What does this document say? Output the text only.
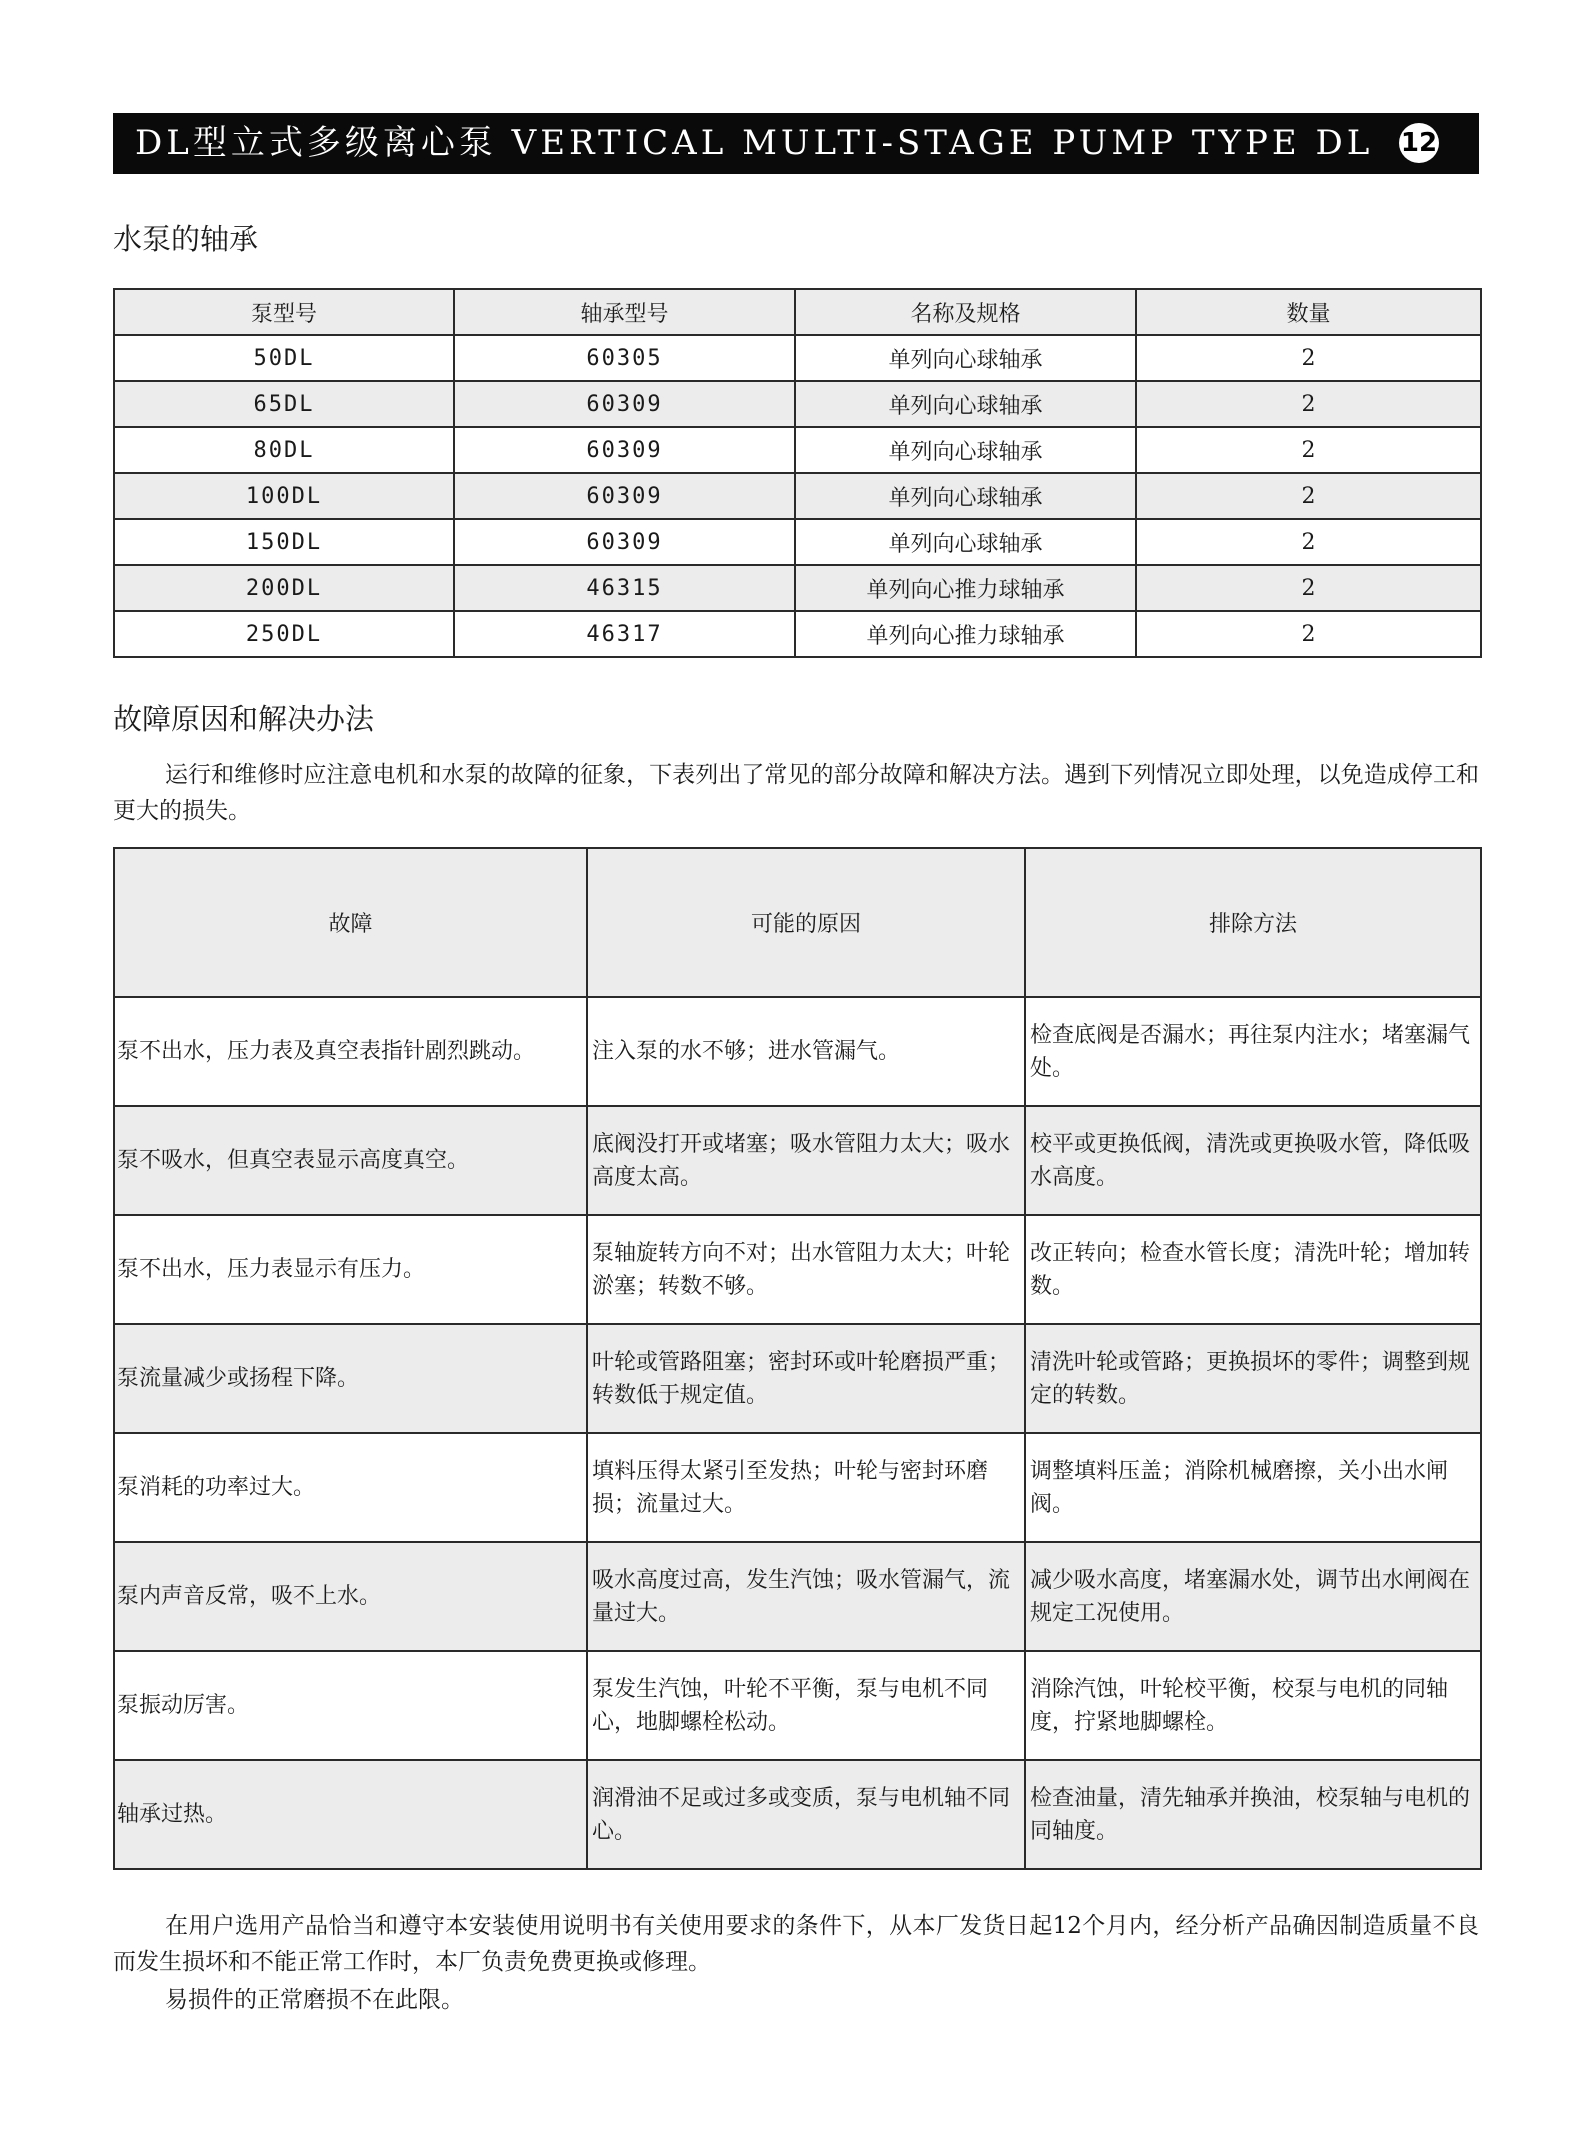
DL型立式多级离心泵 VERTICAL MULTI-STAGE PUMP TYPE DL 12
水泵的轴承
泵型号	轴承型号	名称及规格	数量
50DL	60305	单列向心球轴承	2
65DL	60309	单列向心球轴承	2
80DL	60309	单列向心球轴承	2
100DL	60309	单列向心球轴承	2
150DL	60309	单列向心球轴承	2
200DL	46315	单列向心推力球轴承	2
250DL	46317	单列向心推力球轴承	2
故障原因和解决办法

运行和维修时应注意电机和水泵的故障的征象，下表列出了常见的部分故障和解决方法。遇到下列情况立即处理，以免造成停工和更大的损失。

故障	可能的原因	排除方法
泵不出水，压力表及真空表指针剧烈跳动。	注入泵的水不够；进水管漏气。	检查底阀是否漏水；再往泵内注水；堵塞漏气处。
泵不吸水，但真空表显示高度真空。	底阀没打开或堵塞；吸水管阻力太大；吸水高度太高。	校平或更换低阀，清洗或更换吸水管，降低吸水高度。
泵不出水，压力表显示有压力。	泵轴旋转方向不对；出水管阻力太大；叶轮淤塞；转数不够。	改正转向；检查水管长度；清洗叶轮；增加转数。
泵流量减少或扬程下降。	叶轮或管路阻塞；密封环或叶轮磨损严重；转数低于规定值。	清洗叶轮或管路；更换损坏的零件；调整到规定的转数。
泵消耗的功率过大。	填料压得太紧引至发热；叶轮与密封环磨损；流量过大。	调整填料压盖；消除机械磨擦，关小出水闸阀。
泵内声音反常，吸不上水。	吸水高度过高，发生汽蚀；吸水管漏气，流量过大。	减少吸水高度，堵塞漏水处，调节出水闸阀在规定工况使用。
泵振动厉害。	泵发生汽蚀，叶轮不平衡，泵与电机不同心，地脚螺栓松动。	消除汽蚀，叶轮校平衡，校泵与电机的同轴度，拧紧地脚螺栓。
轴承过热。	润滑油不足或过多或变质，泵与电机轴不同心。	检查油量，清先轴承并换油，校泵轴与电机的同轴度。

在用户选用产品恰当和遵守本安装使用说明书有关使用要求的条件下，从本厂发货日起12个月内，经分析产品确因制造质量不良而发生损坏和不能正常工作时，本厂负责免费更换或修理。

易损件的正常磨损不在此限。
